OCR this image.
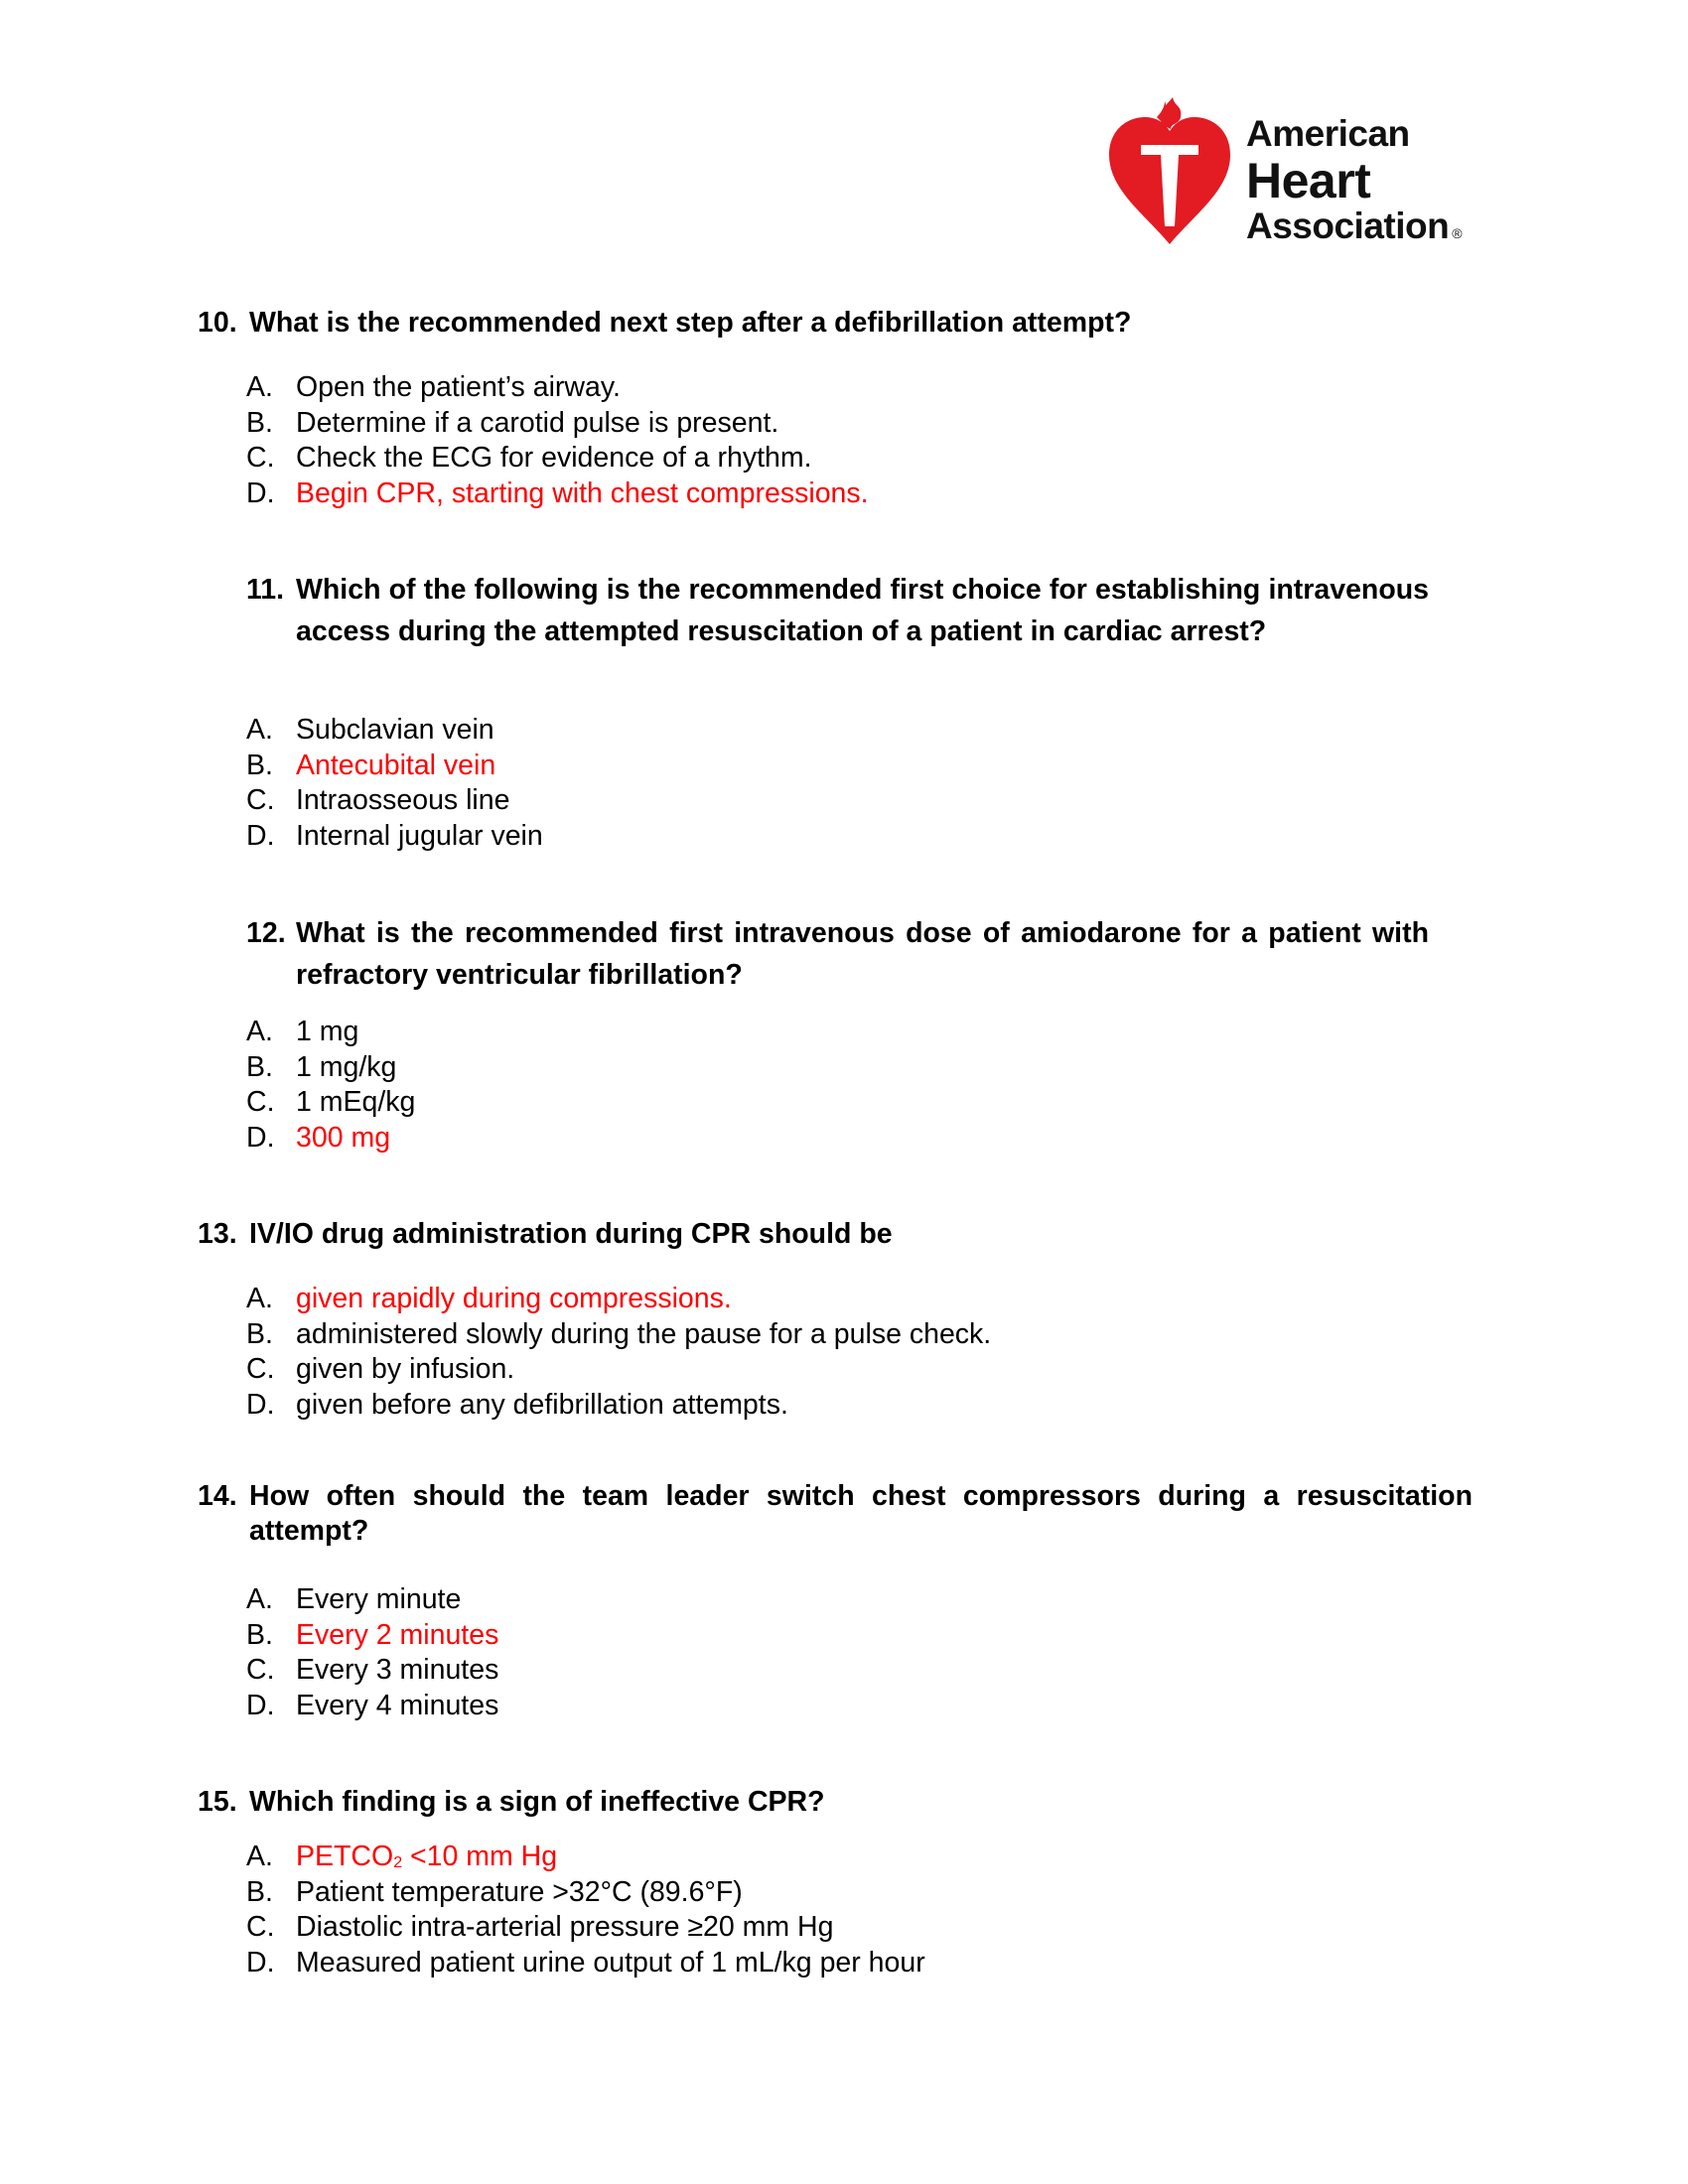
American
Heart
Association ®
10. What is the recommended next step after a defibrillation attempt?
A. Open the patient’s airway.
B. Determine if a carotid pulse is present.
C. Check the ECG for evidence of a rhythm.
D. Begin CPR, starting with chest compressions.
11. Which of the following is the recommended first choice for establishing intravenous access during the attempted resuscitation of a patient in cardiac arrest?
A. Subclavian vein
B. Antecubital vein
C. Intraosseous line
D. Internal jugular vein
12. What is the recommended first intravenous dose of amiodarone for a patient with refractory ventricular fibrillation?
A. 1 mg
B. 1 mg/kg
C. 1 mEq/kg
D. 300 mg
13. IV/IO drug administration during CPR should be
A. given rapidly during compressions.
B. administered slowly during the pause for a pulse check.
C. given by infusion.
D. given before any defibrillation attempts.
14. How often should the team leader switch chest compressors during a resuscitation attempt?
A. Every minute
B. Every 2 minutes
C. Every 3 minutes
D. Every 4 minutes
15. Which finding is a sign of ineffective CPR?
A. $PETCO_2 <10$ mm Hg
B. Patient temperature >32°C (89.6°F)
C. Diastolic intra-arterial pressure ≥20 mm Hg
D. Measured patient urine output of 1 mL/kg per hour
